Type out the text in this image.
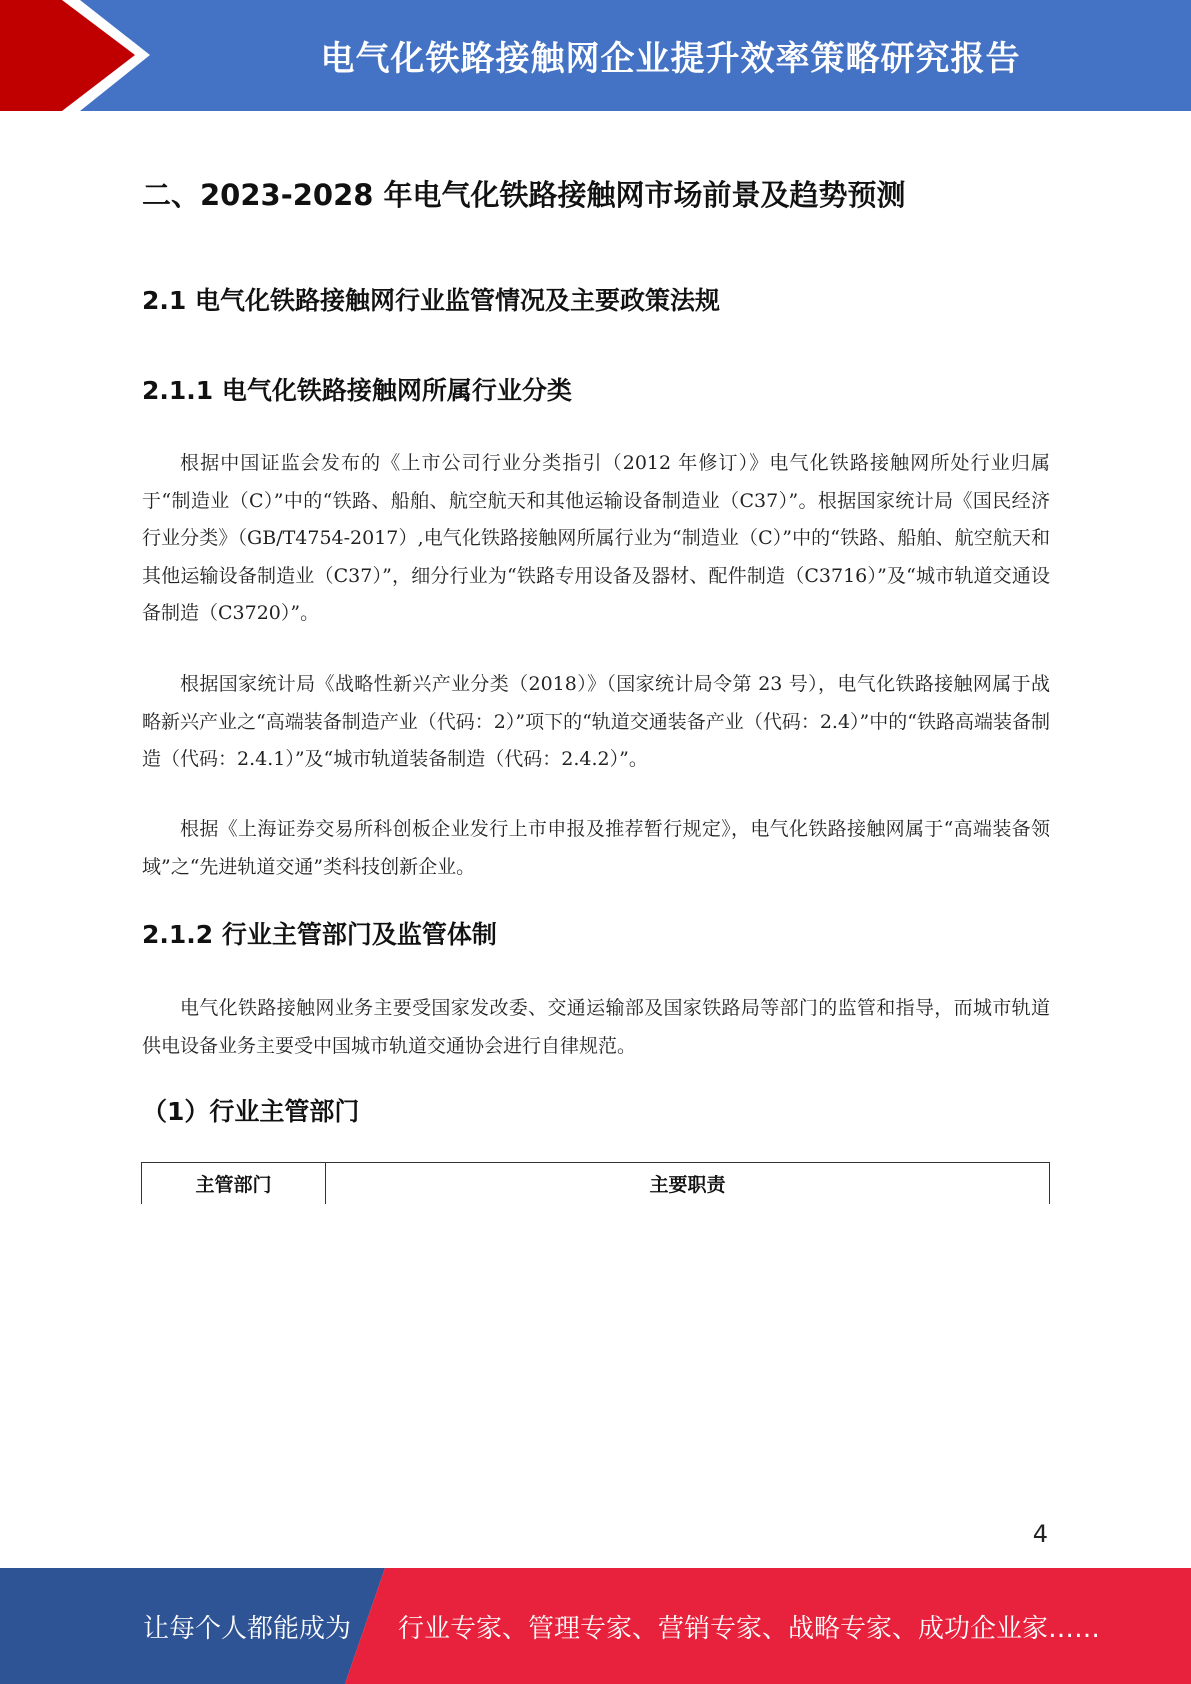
电气化铁路接触网企业提升效率策略研究报告
二、2023-2028 年电气化铁路接触网市场前景及趋势预测
2.1 电气化铁路接触网行业监管情况及主要政策法规
2.1.1 电气化铁路接触网所属行业分类

根据中国证监会发布的《上市公司行业分类指引（2012 年修订）》电气化铁路接触网所处行业归属于“制造业（C）”中的“铁路、船舶、航空航天和其他运输设备制造业（C37）”。根据国家统计局《国民经济行业分类》（GB/T4754-2017）,电气化铁路接触网所属行业为“制造业（C）”中的“铁路、船舶、航空航天和其他运输设备制造业（C37）”，细分行业为“铁路专用设备及器材、配件制造（C3716）”及“城市轨道交通设备制造（C3720）”。

根据国家统计局《战略性新兴产业分类（2018）》（国家统计局令第 23 号），电气化铁路接触网属于战略新兴产业之“高端装备制造产业（代码：2）”项下的“轨道交通装备产业（代码：2.4）”中的“铁路高端装备制造（代码：2.4.1）”及“城市轨道装备制造（代码：2.4.2）”。

根据《上海证券交易所科创板企业发行上市申报及推荐暂行规定》，电气化铁路接触网属于“高端装备领域”之“先进轨道交通”类科技创新企业。

2.1.2 行业主管部门及监管体制

电气化铁路接触网业务主要受国家发改委、交通运输部及国家铁路局等部门的监管和指导，而城市轨道供电设备业务主要受中国城市轨道交通协会进行自律规范。

（1）行业主管部门
主管部门	主要职责
4
让每个人都能成为 行业专家、管理专家、营销专家、战略专家、成功企业家……
